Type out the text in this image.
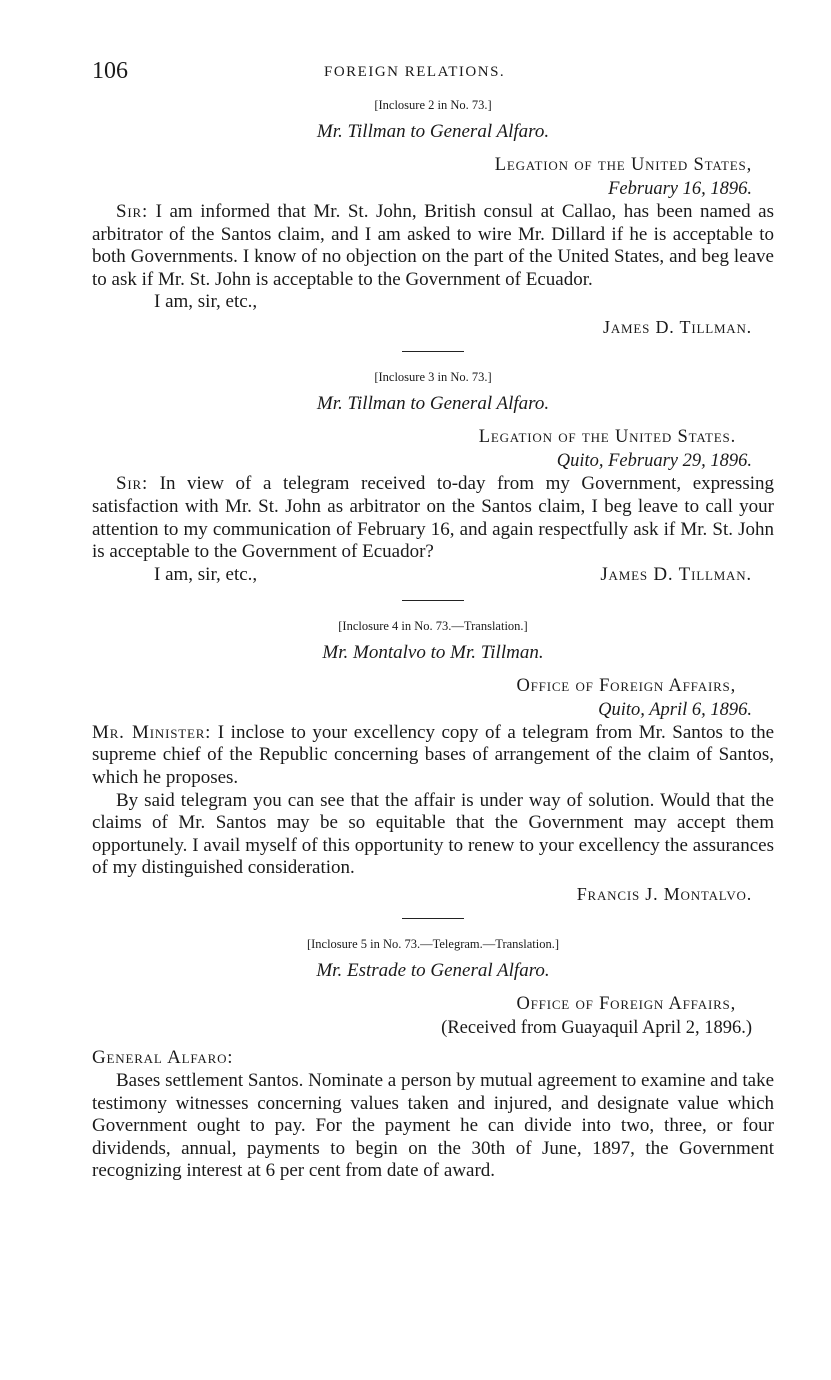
106	FOREIGN RELATIONS.
[Inclosure 2 in No. 73.]
Mr. Tillman to General Alfaro.
Legation of the United States,
February 16, 1896.

Sir: I am informed that Mr. St. John, British consul at Callao, has been named as arbitrator of the Santos claim, and I am asked to wire Mr. Dillard if he is acceptable to both Governments. I know of no objection on the part of the United States, and beg leave to ask if Mr. St. John is acceptable to the Government of Ecuador.

I am, sir, etc.,
James D. Tillman.
[Inclosure 3 in No. 73.]
Mr. Tillman to General Alfaro.
Legation of the United States.
Quito, February 29, 1896.

Sir: In view of a telegram received to-day from my Government, expressing satisfaction with Mr. St. John as arbitrator on the Santos claim, I beg leave to call your attention to my communication of February 16, and again respectfully ask if Mr. St. John is acceptable to the Government of Ecuador?

I am, sir, etc.,	James D. Tillman.
[Inclosure 4 in No. 73.—Translation.]
Mr. Montalvo to Mr. Tillman.
Office of Foreign Affairs,
Quito, April 6, 1896.

Mr. Minister: I inclose to your excellency copy of a telegram from Mr. Santos to the supreme chief of the Republic concerning bases of arrangement of the claim of Santos, which he proposes.

By said telegram you can see that the affair is under way of solution. Would that the claims of Mr. Santos may be so equitable that the Government may accept them opportunely. I avail myself of this opportunity to renew to your excellency the assurances of my distinguished consideration.

Francis J. Montalvo.
[Inclosure 5 in No. 73.—Telegram.—Translation.]
Mr. Estrade to General Alfaro.
Office of Foreign Affairs,
(Received from Guayaquil April 2, 1896.)
General Alfaro:

Bases settlement Santos. Nominate a person by mutual agreement to examine and take testimony witnesses concerning values taken and injured, and designate value which Government ought to pay. For the payment he can divide into two, three, or four dividends, annual, payments to begin on the 30th of June, 1897, the Government recognizing interest at 6 per cent from date of award.
